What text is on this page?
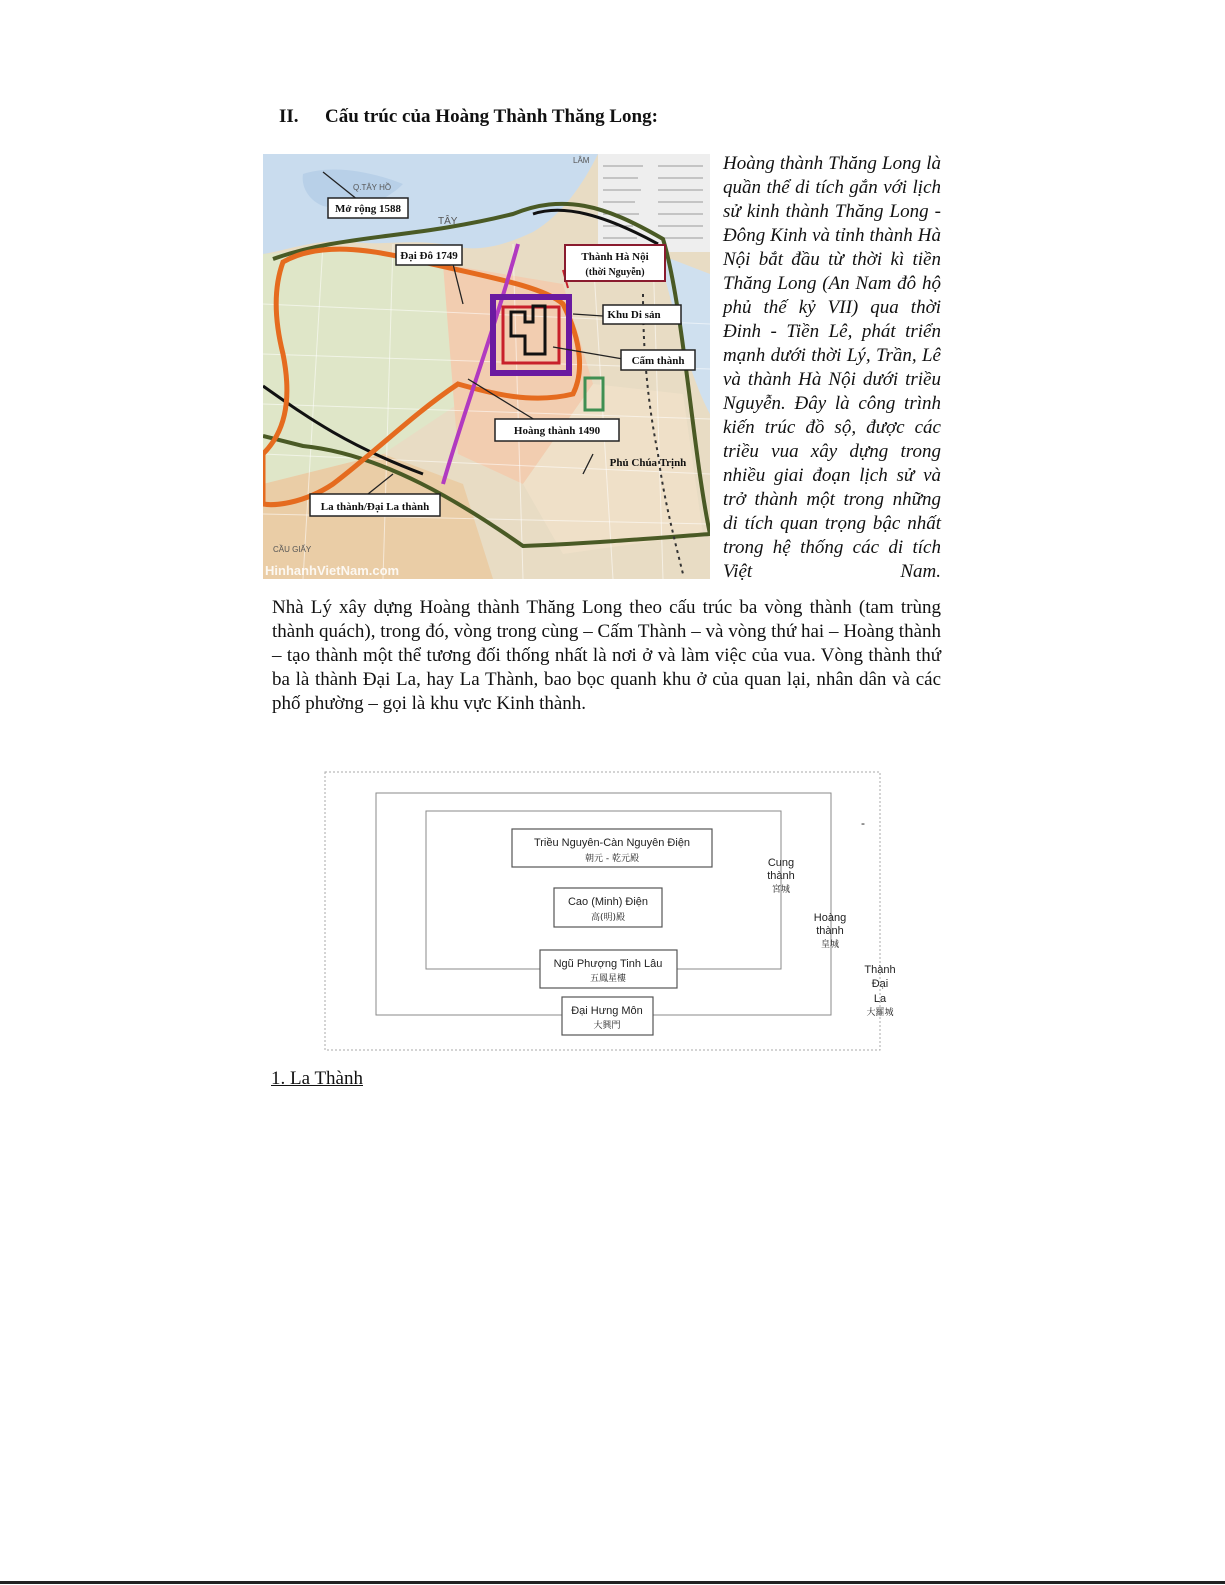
II. Cấu trúc của Hoàng Thành Thăng Long:
Mở rộng 1588
Đại Đô 1749	Thành Hà Nội
(thời Nguyễn)
Khu Di sản
Cấm thành
Hoàng thành 1490
Phủ Chúa Trịnh
La thành/Đại La thành
Q.TÂY HỒ
TÂY
LÂM
CẦU GIẤY
HinhanhVietNam.com

Hoàng thành Thăng Long là quần thể di tích gắn với lịch sử kinh thành Thăng Long - Đông Kinh và tỉnh thành Hà Nội bắt đầu từ thời kì tiền Thăng Long (An Nam đô hộ phủ thế kỷ VII) qua thời Đinh - Tiền Lê, phát triển mạnh dưới thời Lý, Trần, Lê và thành Hà Nội dưới triều Nguyễn. Đây là công trình kiến trúc đồ sộ, được các triều vua xây dựng trong nhiều giai đoạn lịch sử và trở thành một trong những di tích quan trọng bậc nhất trong hệ thống các di tích Việt Nam.

Nhà Lý xây dựng Hoàng thành Thăng Long theo cấu trúc ba vòng thành (tam trùng thành quách), trong đó, vòng trong cùng – Cấm Thành – và vòng thứ hai – Hoàng thành – tạo thành một thể tương đối thống nhất là nơi ở và làm việc của vua. Vòng thành thứ ba là thành Đại La, hay La Thành, bao bọc quanh khu ở của quan lại, nhân dân và các phố phường – gọi là khu vực Kinh thành.

Triều Nguyên-Càn Nguyên Điện
朝元 - 乾元殿
Cao (Minh) Điện
高(明)殿
Ngũ Phượng Tinh Lâu
五鳳星樓
Đại Hưng Môn
大興門
Cung
thành
宮城
Hoàng
thành
皇城
Thành
Đại
La
大羅城
-
1. La Thành
